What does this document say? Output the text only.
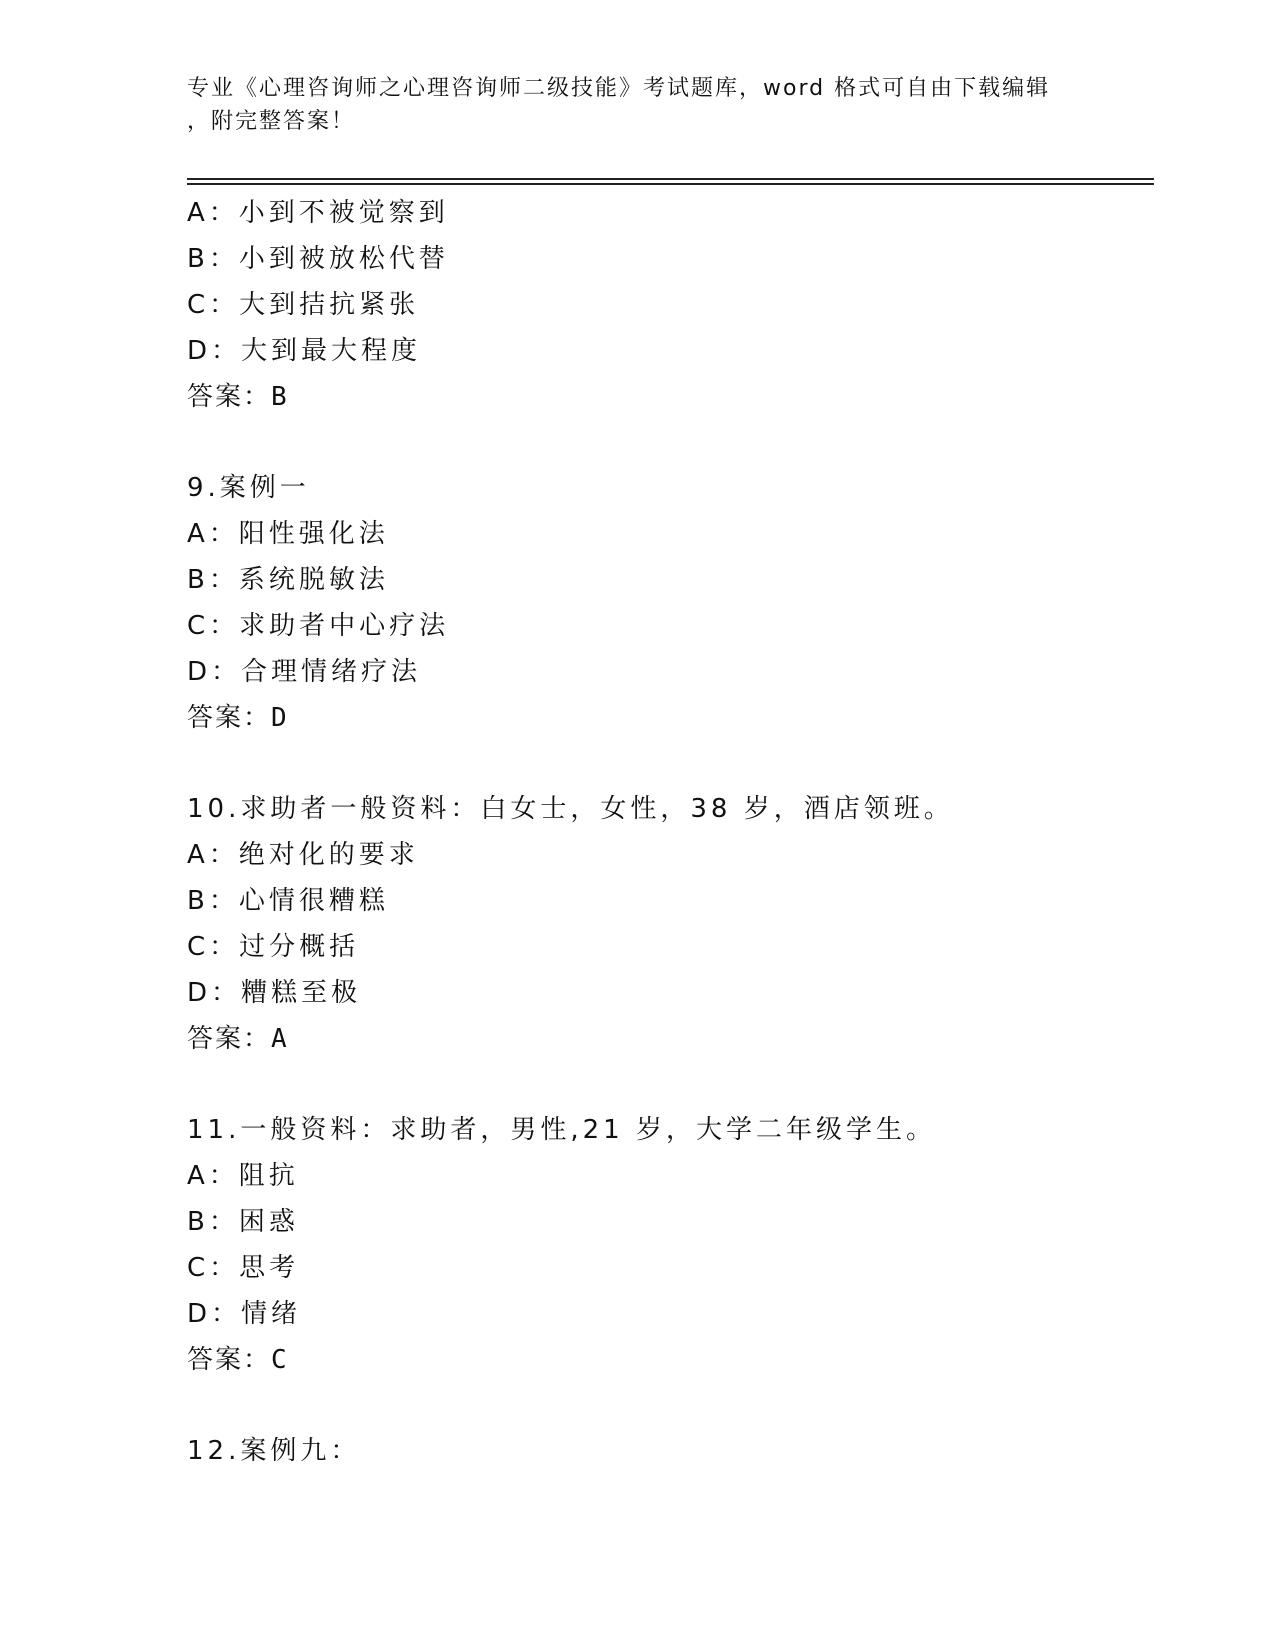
专业《心理咨询师之心理咨询师二级技能》考试题库，word 格式可自由下载编辑
，附完整答案！
A：小到不被觉察到
B：小到被放松代替
C：大到拮抗紧张
D：大到最大程度
答案：B
9.案例一
A：阳性强化法
B：系统脱敏法
C：求助者中心疗法
D：合理情绪疗法
答案：D
10.求助者一般资料：白女士，女性，38 岁，酒店领班。
A：绝对化的要求
B：心情很糟糕
C：过分概括
D：糟糕至极
答案：A
11.一般资料：求助者，男性,21 岁，大学二年级学生。
A：阻抗
B：困惑
C：思考
D：情绪
答案：C
12.案例九：
